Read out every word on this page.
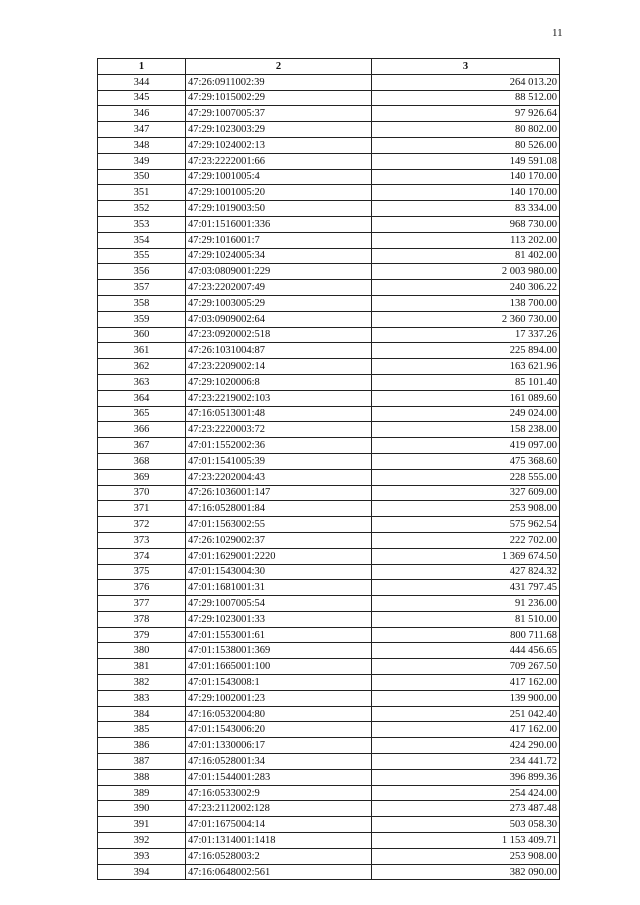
11
1	2	3
344	47:26:0911002:39	264 013.20
345	47:29:1015002:29	88 512.00
346	47:29:1007005:37	97 926.64
347	47:29:1023003:29	80 802.00
348	47:29:1024002:13	80 526.00
349	47:23:2222001:66	149 591.08
350	47:29:1001005:4	140 170.00
351	47:29:1001005:20	140 170.00
352	47:29:1019003:50	83 334.00
353	47:01:1516001:336	968 730.00
354	47:29:1016001:7	113 202.00
355	47:29:1024005:34	81 402.00
356	47:03:0809001:229	2 003 980.00
357	47:23:2202007:49	240 306.22
358	47:29:1003005:29	138 700.00
359	47:03:0909002:64	2 360 730.00
360	47:23:0920002:518	17 337.26
361	47:26:1031004:87	225 894.00
362	47:23:2209002:14	163 621.96
363	47:29:1020006:8	85 101.40
364	47:23:2219002:103	161 089.60
365	47:16:0513001:48	249 024.00
366	47:23:2220003:72	158 238.00
367	47:01:1552002:36	419 097.00
368	47:01:1541005:39	475 368.60
369	47:23:2202004:43	228 555.00
370	47:26:1036001:147	327 609.00
371	47:16:0528001:84	253 908.00
372	47:01:1563002:55	575 962.54
373	47:26:1029002:37	222 702.00
374	47:01:1629001:2220	1 369 674.50
375	47:01:1543004:30	427 824.32
376	47:01:1681001:31	431 797.45
377	47:29:1007005:54	91 236.00
378	47:29:1023001:33	81 510.00
379	47:01:1553001:61	800 711.68
380	47:01:1538001:369	444 456.65
381	47:01:1665001:100	709 267.50
382	47:01:1543008:1	417 162.00
383	47:29:1002001:23	139 900.00
384	47:16:0532004:80	251 042.40
385	47:01:1543006:20	417 162.00
386	47:01:1330006:17	424 290.00
387	47:16:0528001:34	234 441.72
388	47:01:1544001:283	396 899.36
389	47:16:0533002:9	254 424.00
390	47:23:2112002:128	273 487.48
391	47:01:1675004:14	503 058.30
392	47:01:1314001:1418	1 153 409.71
393	47:16:0528003:2	253 908.00
394	47:16:0648002:561	382 090.00
